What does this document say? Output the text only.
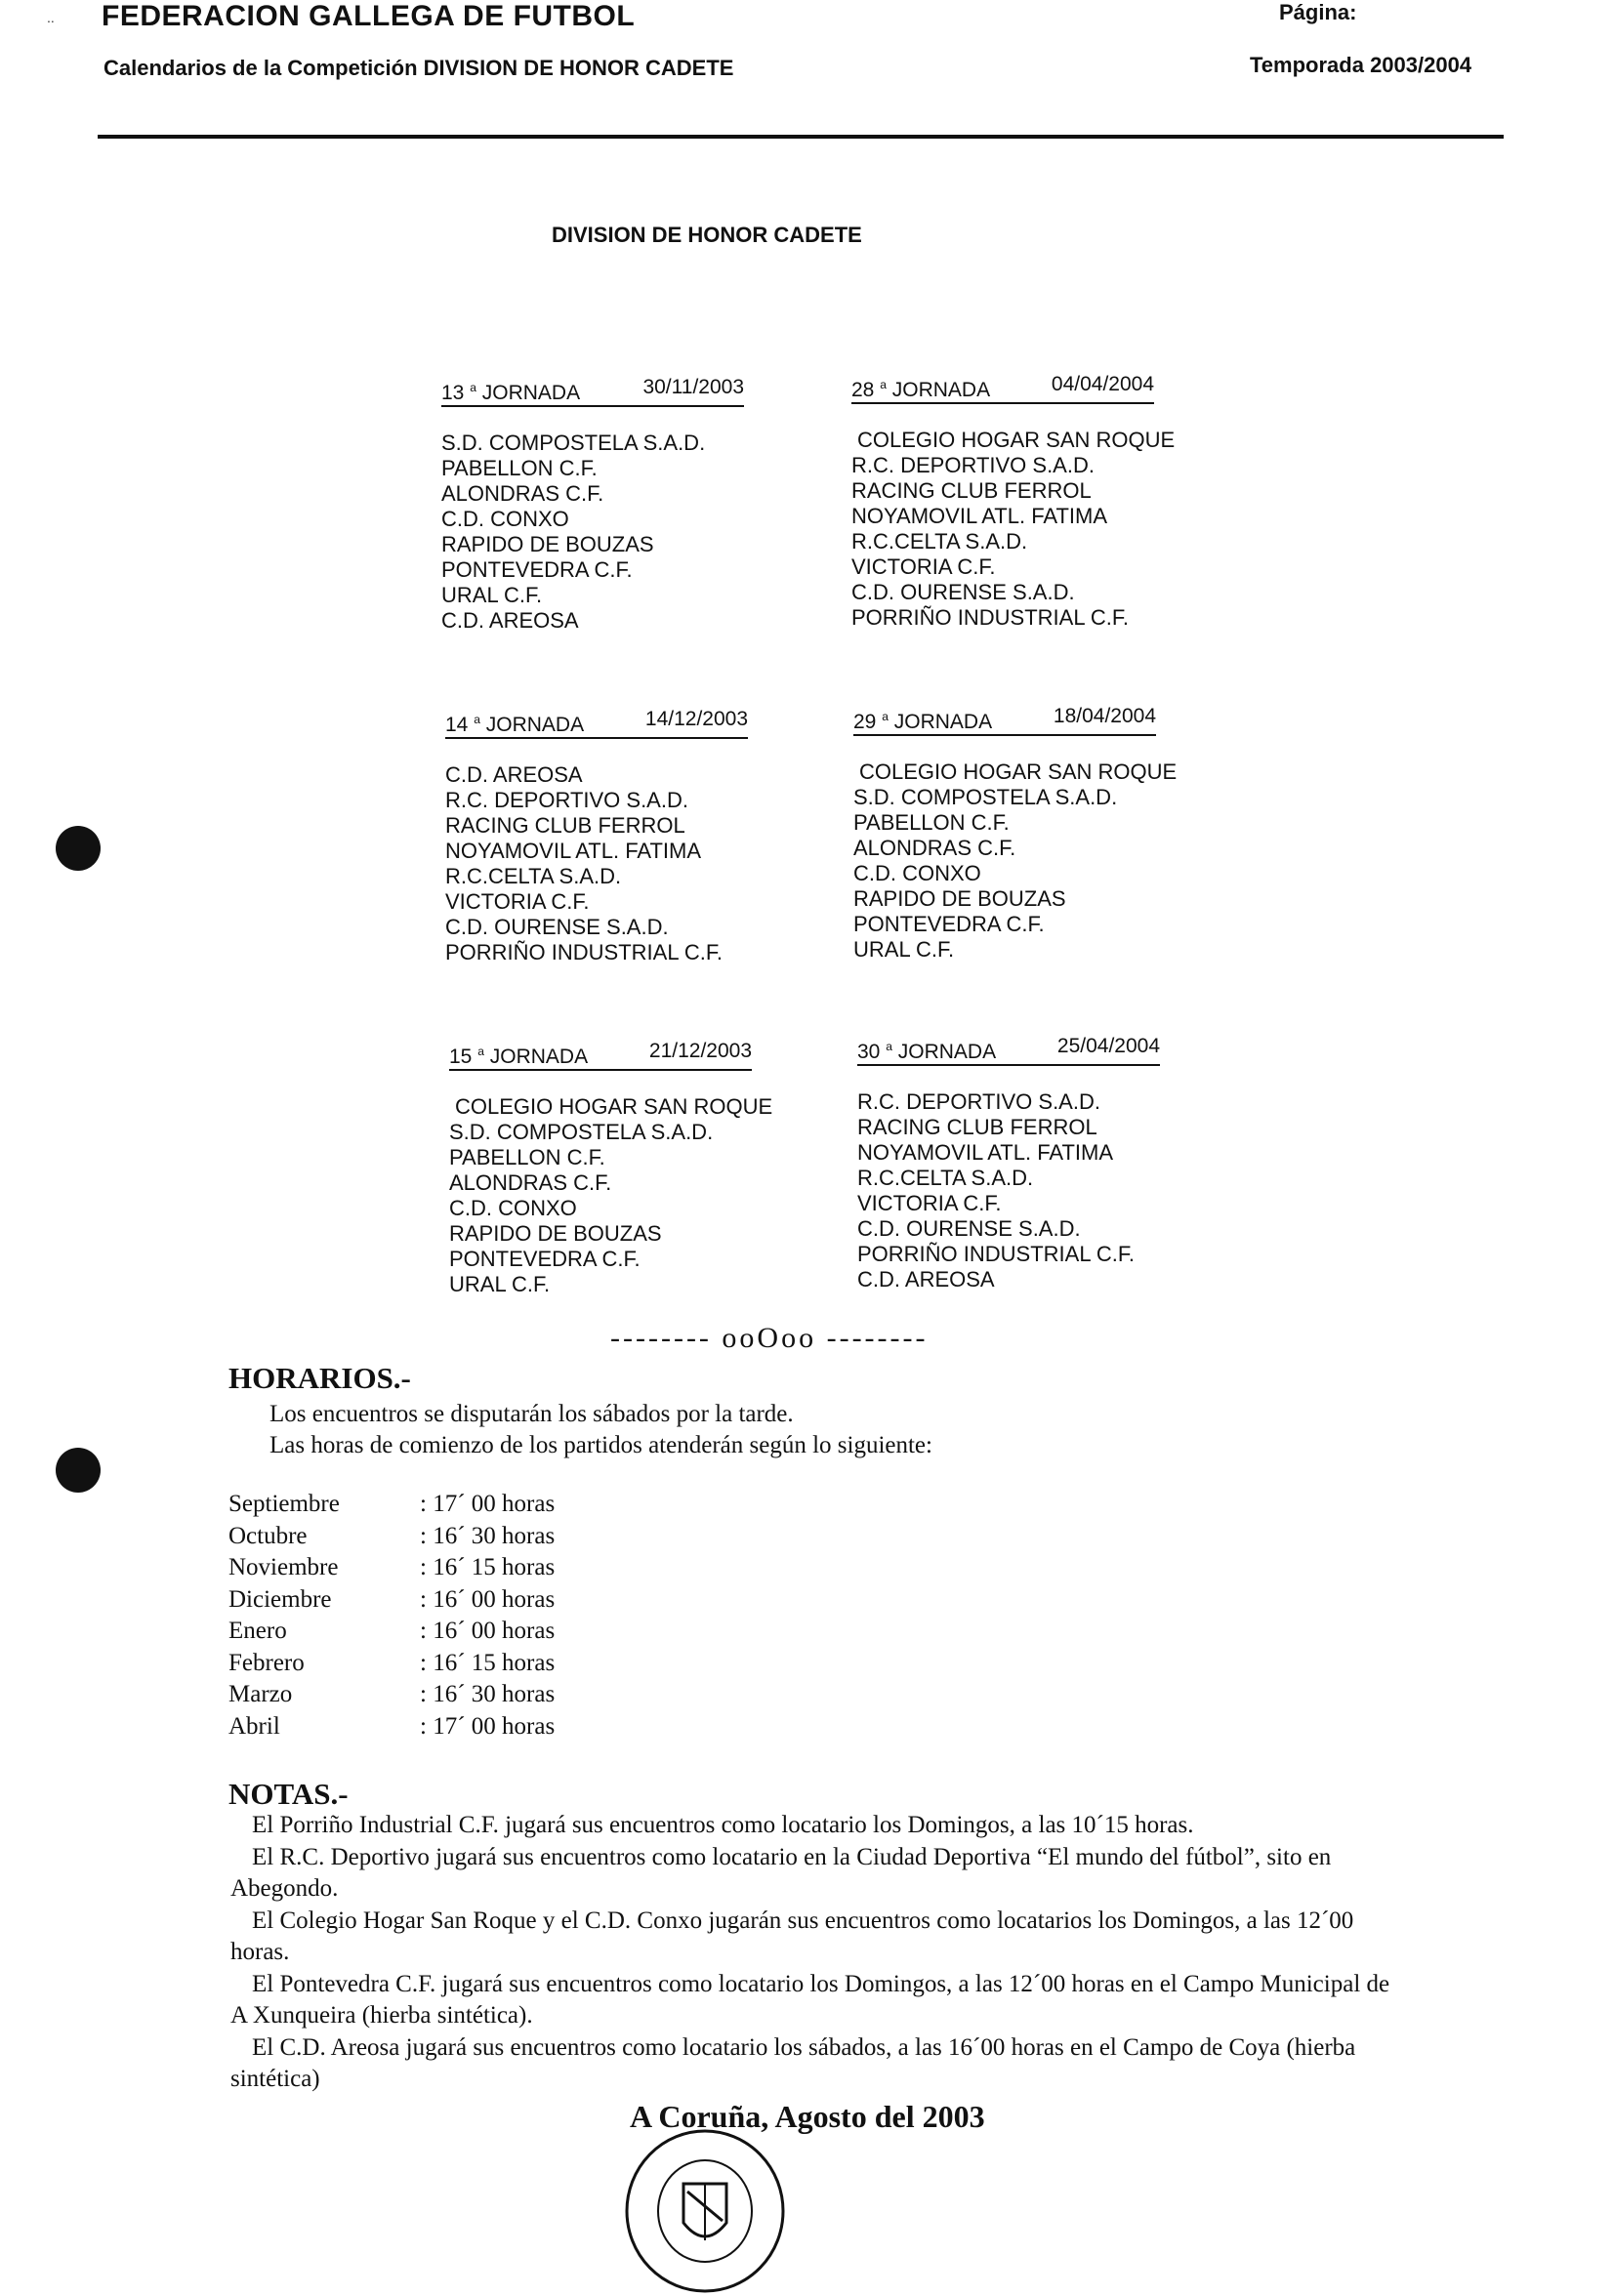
.. FEDERACION GALLEGA DE FUTBOL	Página:
Calendarios de la Competición DIVISION DE HONOR CADETE	Temporada 2003/2004
DIVISION DE HONOR CADETE
13 $^a$ JORNADA	30/11/2003
S.D. COMPOSTELA S.A.D.
PABELLON C.F.
ALONDRAS C.F.
C.D. CONXO
RAPIDO DE BOUZAS
PONTEVEDRA C.F.
URAL C.F.
C.D. AREOSA
28 $^a$ JORNADA	04/04/2004
COLEGIO HOGAR SAN ROQUE
R.C. DEPORTIVO S.A.D.
RACING CLUB FERROL
NOYAMOVIL ATL. FATIMA
R.C.CELTA S.A.D.
VICTORIA C.F.
C.D. OURENSE S.A.D.
PORRIÑO INDUSTRIAL C.F.
14 $^a$ JORNADA	14/12/2003
C.D. AREOSA
R.C. DEPORTIVO S.A.D.
RACING CLUB FERROL
NOYAMOVIL ATL. FATIMA
R.C.CELTA S.A.D.
VICTORIA C.F.
C.D. OURENSE S.A.D.
PORRIÑO INDUSTRIAL C.F.
29 $^a$ JORNADA	18/04/2004
COLEGIO HOGAR SAN ROQUE
S.D. COMPOSTELA S.A.D.
PABELLON C.F.
ALONDRAS C.F.
C.D. CONXO
RAPIDO DE BOUZAS
PONTEVEDRA C.F.
URAL C.F.
15 $^a$ JORNADA	21/12/2003
COLEGIO HOGAR SAN ROQUE
S.D. COMPOSTELA S.A.D.
PABELLON C.F.
ALONDRAS C.F.
C.D. CONXO
RAPIDO DE BOUZAS
PONTEVEDRA C.F.
URAL C.F.
30 $^a$ JORNADA	25/04/2004
R.C. DEPORTIVO S.A.D.
RACING CLUB FERROL
NOYAMOVIL ATL. FATIMA
R.C.CELTA S.A.D.
VICTORIA C.F.
C.D. OURENSE S.A.D.
PORRIÑO INDUSTRIAL C.F.
C.D. AREOSA
-------- ooOoo --------
HORARIOS.-
Los encuentros se disputarán los sábados por la tarde.
Las horas de comienzo de los partidos atenderán según lo siguiente:
Septiembre	: 17´ 00 horas
Octubre	: 16´ 30 horas
Noviembre	: 16´ 15 horas
Diciembre	: 16´ 00 horas
Enero	: 16´ 00 horas
Febrero	: 16´ 15 horas
Marzo	: 16´ 30 horas
Abril	: 17´ 00 horas
NOTAS.-

El Porriño Industrial C.F. jugará sus encuentros como locatario los Domingos, a las 10´15 horas.

El R.C. Deportivo jugará sus encuentros como locatario en la Ciudad Deportiva “El mundo del fútbol”, sito en Abegondo.

El Colegio Hogar San Roque y el C.D. Conxo jugarán sus encuentros como locatarios los Domingos, a las 12´00 horas.

El Pontevedra C.F. jugará sus encuentros como locatario los Domingos, a las 12´00 horas en el Campo Municipal de A Xunqueira (hierba sintética).

El C.D. Areosa jugará sus encuentros como locatario los sábados, a las 16´00 horas en el Campo de Coya (hierba sintética)

A Coruña, Agosto del 2003
